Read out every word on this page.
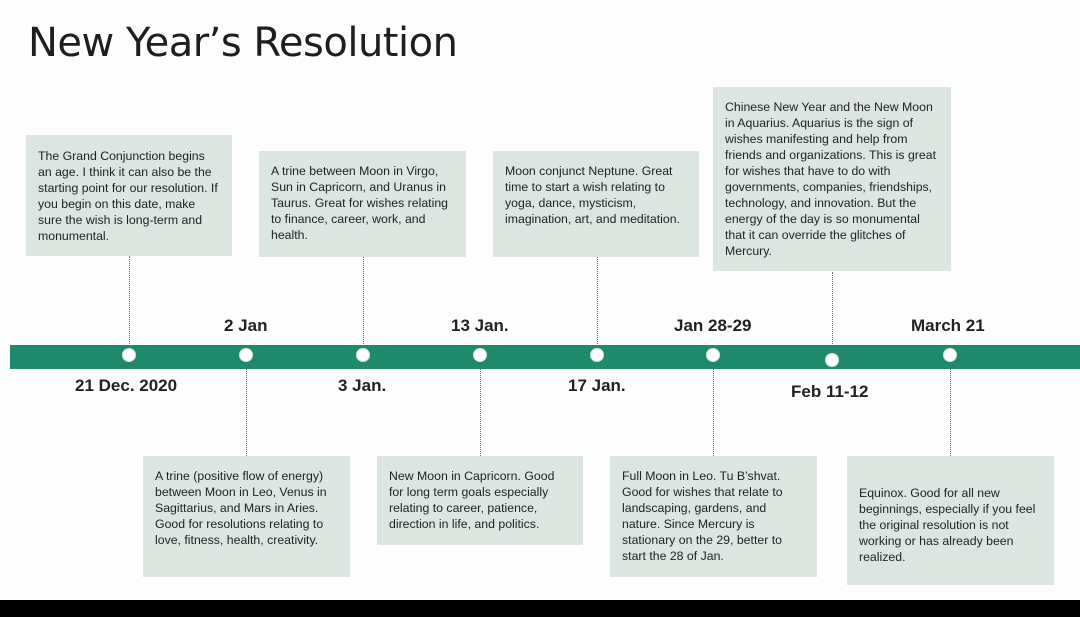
New Year’s Resolution
21 Dec. 2020
2 Jan
3 Jan.
13 Jan.
17 Jan.
Jan 28-29
Feb 11-12
March 21
The Grand Conjunction begins an age. I think it can also be the starting point for our resolution. If you begin on this date, make sure the wish is long-term and monumental.
A trine between Moon in Virgo, Sun in Capricorn, and Uranus in Taurus. Great for wishes relating to finance, career, work, and health.
Moon conjunct Neptune. Great time to start a wish relating to yoga, dance, mysticism, imagination, art, and meditation.
Chinese New Year and the New Moon in Aquarius. Aquarius is the sign of wishes manifesting and help from friends and organizations. This is great for wishes that have to do with governments, companies, friendships, technology, and innovation. But the energy of the day is so monumental that it can override the glitches of Mercury.
A trine (positive flow of energy) between Moon in Leo, Venus in Sagittarius, and Mars in Aries. Good for resolutions relating to love, fitness, health, creativity.
New Moon in Capricorn. Good for long term goals especially relating to career, patience, direction in life, and politics.
Full Moon in Leo. Tu B’shvat. Good for wishes that relate to landscaping, gardens, and nature. Since Mercury is stationary on the 29, better to start the 28 of Jan.
Equinox. Good for all new beginnings, especially if you feel the original resolution is not working or has already been realized.
